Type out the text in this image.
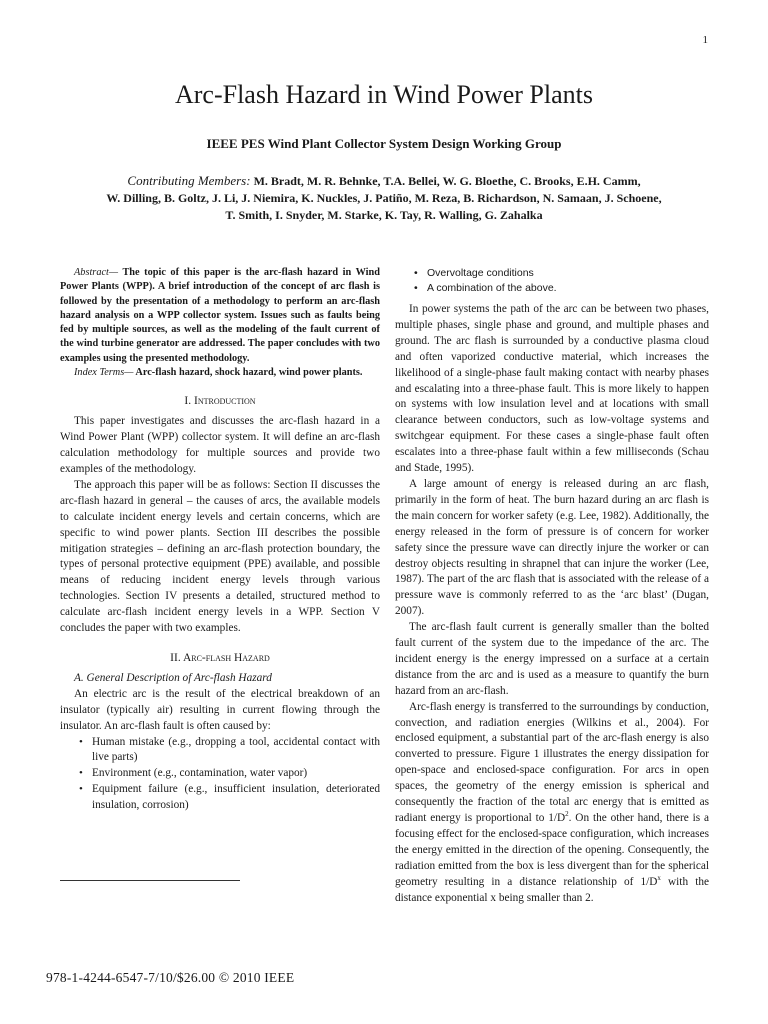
1
Arc-Flash Hazard in Wind Power Plants
IEEE PES Wind Plant Collector System Design Working Group
Contributing Members: M. Bradt, M. R. Behnke, T.A. Bellei, W. G. Bloethe, C. Brooks, E.H. Camm,
W. Dilling, B. Goltz, J. Li, J. Niemira, K. Nuckles, J. Patiño, M. Reza, B. Richardson, N. Samaan, J. Schoene,
T. Smith, I. Snyder, M. Starke, K. Tay, R. Walling, G. Zahalka

Abstract— The topic of this paper is the arc-flash hazard in Wind Power Plants (WPP). A brief introduction of the concept of arc flash is followed by the presentation of a methodology to perform an arc-flash hazard analysis on a WPP collector system. Issues such as faults being fed by multiple sources, as well as the modeling of the fault current of the wind turbine generator are addressed. The paper concludes with two examples using the presented methodology.

Index Terms— Arc-flash hazard, shock hazard, wind power plants.

I. Introduction

This paper investigates and discusses the arc-flash hazard in a Wind Power Plant (WPP) collector system. It will define an arc-flash calculation methodology for multiple sources and provide two examples of the methodology.

The approach this paper will be as follows: Section II discusses the arc-flash hazard in general – the causes of arcs, the available models to calculate incident energy levels and certain concerns, which are specific to wind power plants. Section III describes the possible mitigation strategies – defining an arc-flash protection boundary, the types of personal protective equipment (PPE) available, and possible means of reducing incident energy levels through various technologies. Section IV presents a detailed, structured method to calculate arc-flash incident energy levels in a WPP. Section V concludes the paper with two examples.

II. Arc-flash Hazard

A. General Description of Arc-flash Hazard

An electric arc is the result of the electrical breakdown of an insulator (typically air) resulting in current flowing through the insulator. An arc-flash fault is often caused by:

• Human mistake (e.g., dropping a tool, accidental contact with live parts)
• Environment (e.g., contamination, water vapor)
• Equipment failure (e.g., insufficient insulation, deteriorated insulation, corrosion)
• Overvoltage conditions
• A combination of the above.

In power systems the path of the arc can be between two phases, multiple phases, single phase and ground, and multiple phases and ground. The arc flash is surrounded by a conductive plasma cloud and often vaporized conductive material, which increases the likelihood of a single-phase fault making contact with nearby phases and escalating into a three-phase fault. This is more likely to happen on systems with low insulation level and at locations with small clearance between conductors, such as low-voltage systems and switchgear equipment. For these cases a single-phase fault often escalates into a three-phase fault within a few milliseconds (Schau and Stade, 1995).

A large amount of energy is released during an arc flash, primarily in the form of heat. The burn hazard during an arc flash is the main concern for worker safety (e.g. Lee, 1982). Additionally, the energy released in the form of pressure is of concern for worker safety since the pressure wave can directly injure the worker or can destroy objects resulting in shrapnel that can injure the worker (Lee, 1987). The part of the arc flash that is associated with the release of a pressure wave is commonly referred to as the ‘arc blast’ (Dugan, 2007).

The arc-flash fault current is generally smaller than the bolted fault current of the system due to the impedance of the arc. The incident energy is the energy impressed on a surface at a certain distance from the arc and is used as a measure to quantify the burn hazard from an arc-flash.

Arc-flash energy is transferred to the surroundings by conduction, convection, and radiation energies (Wilkins et al., 2004). For enclosed equipment, a substantial part of the arc-flash energy is also converted to pressure. Figure 1 illustrates the energy dissipation for open-space and enclosed-space configuration. For arcs in open spaces, the geometry of the energy emission is spherical and consequently the fraction of the total arc energy that is emitted as radiant energy is proportional to $1/D^2$. On the other hand, there is a focusing effect for the enclosed-space configuration, which increases the energy emitted in the direction of the opening. Consequently, the radiation emitted from the box is less divergent than for the spherical geometry resulting in a distance relationship of $1/D^x$ with the distance exponential x being smaller than 2.

978-1-4244-6547-7/10/$26.00 © 2010 IEEE
